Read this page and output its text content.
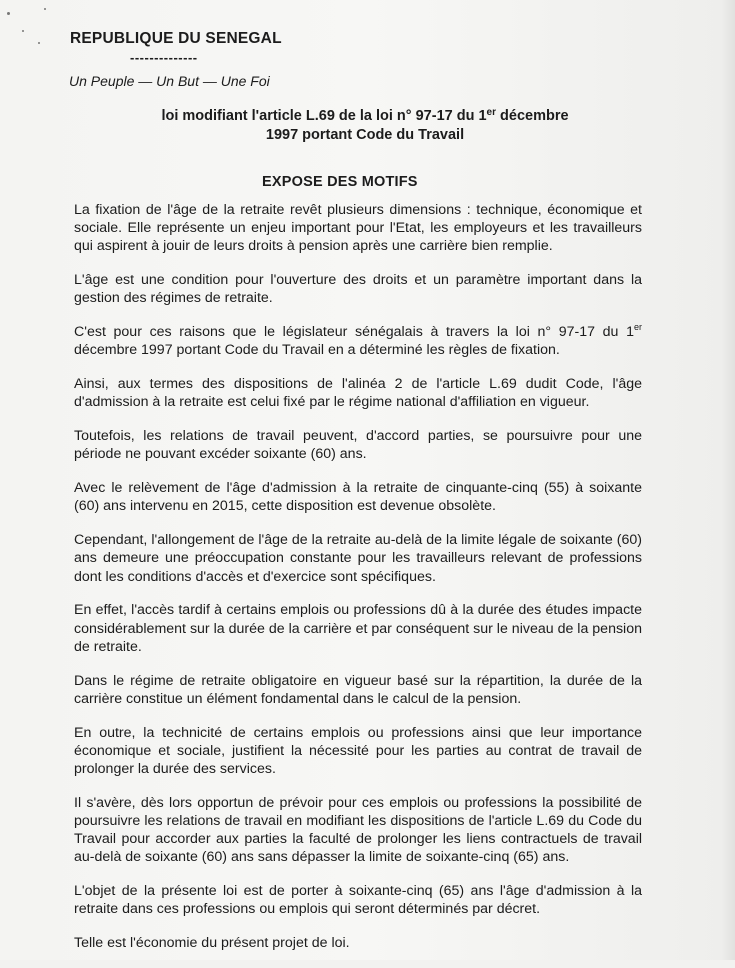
REPUBLIQUE DU SENEGAL
--------------
Un Peuple — Un But — Une Foi
loi modifiant l'article L.69 de la loi n° 97-17 du 1er décembre
1997 portant Code du Travail
EXPOSE DES MOTIFS

La fixation de l'âge de la retraite revêt plusieurs dimensions : technique, économique et sociale. Elle représente un enjeu important pour l'Etat, les employeurs et les travailleurs qui aspirent à jouir de leurs droits à pension après une carrière bien remplie.

L'âge est une condition pour l'ouverture des droits et un paramètre important dans la gestion des régimes de retraite.

C'est pour ces raisons que le législateur sénégalais à travers la loi n° 97-17 du 1er décembre 1997 portant Code du Travail en a déterminé les règles de fixation.

Ainsi, aux termes des dispositions de l'alinéa 2 de l'article L.69 dudit Code, l'âge d'admission à la retraite est celui fixé par le régime national d'affiliation en vigueur.

Toutefois, les relations de travail peuvent, d'accord parties, se poursuivre pour une période ne pouvant excéder soixante (60) ans.

Avec le relèvement de l'âge d'admission à la retraite de cinquante-cinq (55) à soixante (60) ans intervenu en 2015, cette disposition est devenue obsolète.

Cependant, l'allongement de l'âge de la retraite au-delà de la limite légale de soixante (60) ans demeure une préoccupation constante pour les travailleurs relevant de professions dont les conditions d'accès et d'exercice sont spécifiques.

En effet, l'accès tardif à certains emplois ou professions dû à la durée des études impacte considérablement sur la durée de la carrière et par conséquent sur le niveau de la pension de retraite.

Dans le régime de retraite obligatoire en vigueur basé sur la répartition, la durée de la carrière constitue un élément fondamental dans le calcul de la pension.

En outre, la technicité de certains emplois ou professions ainsi que leur importance économique et sociale, justifient la nécessité pour les parties au contrat de travail de prolonger la durée des services.

Il s'avère, dès lors opportun de prévoir pour ces emplois ou professions la possibilité de poursuivre les relations de travail en modifiant les dispositions de l'article L.69 du Code du Travail pour accorder aux parties la faculté de prolonger les liens contractuels de travail au-delà de soixante (60) ans sans dépasser la limite de soixante-cinq (65) ans.

L'objet de la présente loi est de porter à soixante-cinq (65) ans l'âge d'admission à la retraite dans ces professions ou emplois qui seront déterminés par décret.

Telle est l'économie du présent projet de loi.
